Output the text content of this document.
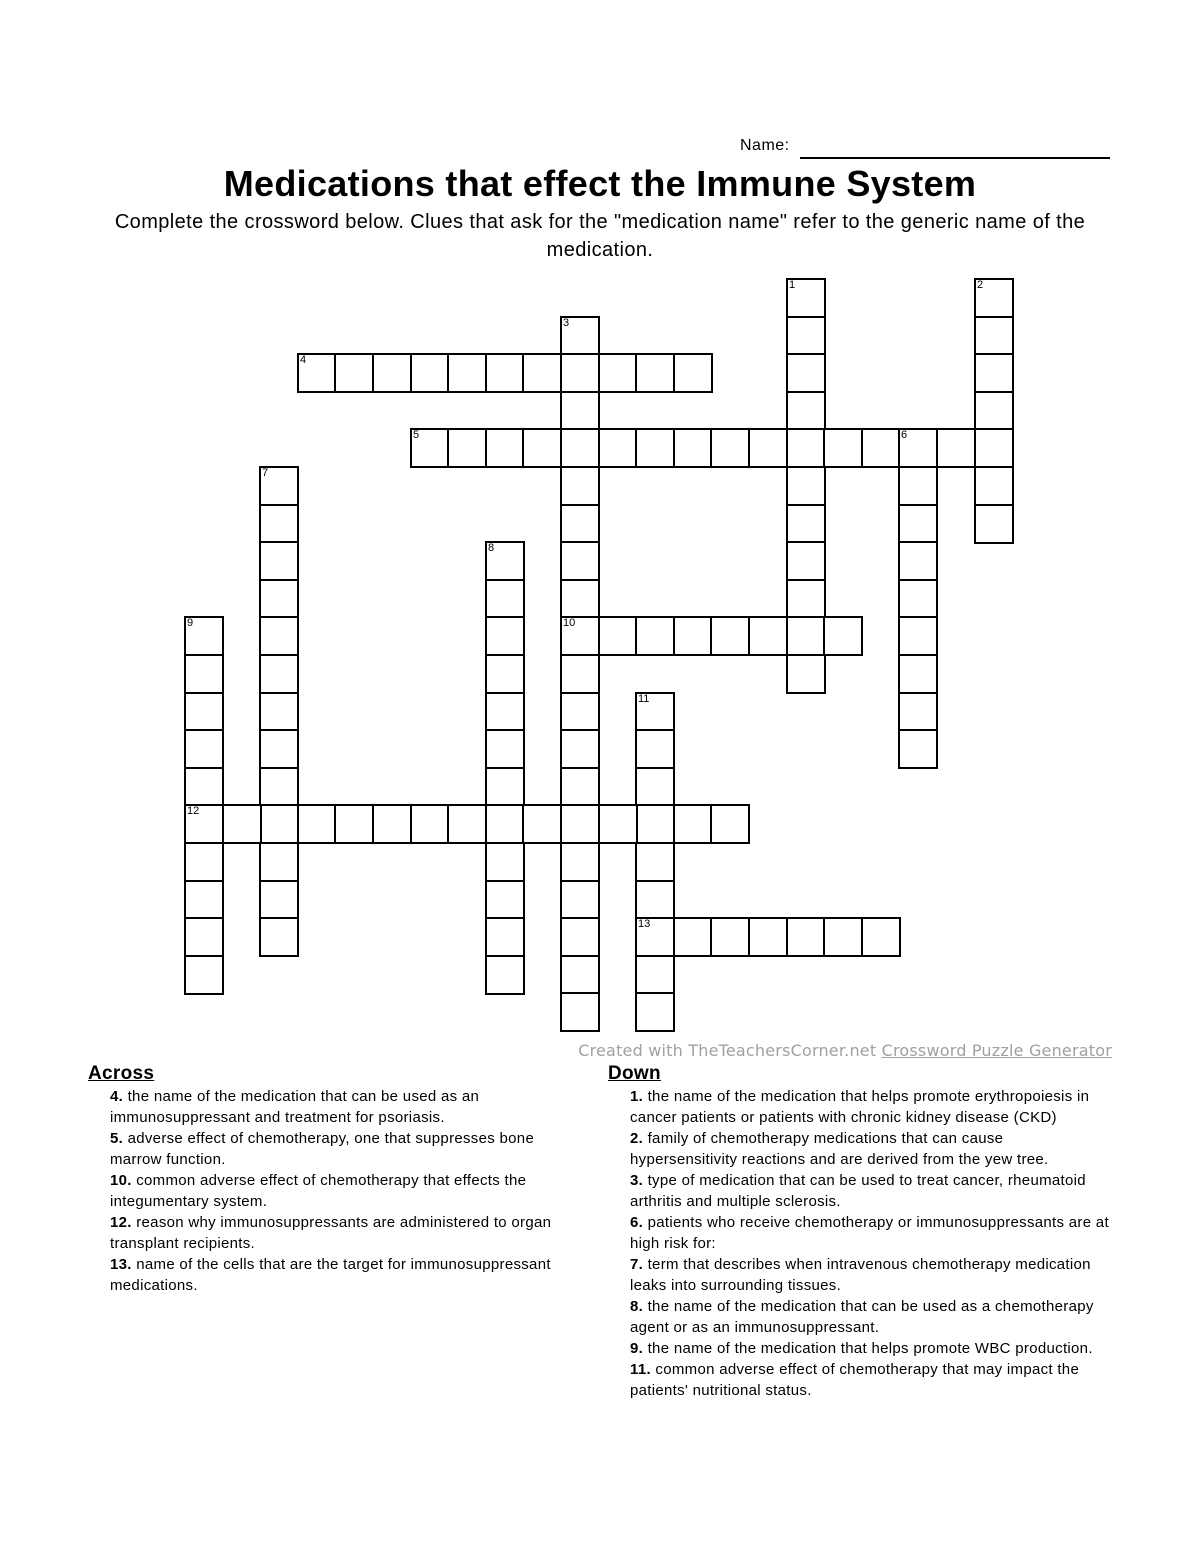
Name:
Medications that effect the Immune System

Complete the crossword below. Clues that ask for the "medication name" refer to the generic name of the medication.

1	2
3
10
4
5	6
7
8
9
12
11
13
Created with TheTeachersCorner.net Crossword Puzzle Generator
Across
4. the name of the medication that can be used as an immunosuppressant and treatment for psoriasis.
5. adverse effect of chemotherapy, one that suppresses bone marrow function.
10. common adverse effect of chemotherapy that effects the integumentary system.
12. reason why immunosuppressants are administered to organ transplant recipients.
13. name of the cells that are the target for immunosuppressant medications.
Down
1. the name of the medication that helps promote erythropoiesis in cancer patients or patients with chronic kidney disease (CKD)
2. family of chemotherapy medications that can cause hypersensitivity reactions and are derived from the yew tree.
3. type of medication that can be used to treat cancer, rheumatoid arthritis and multiple sclerosis.
6. patients who receive chemotherapy or immunosuppressants are at high risk for:
7. term that describes when intravenous chemotherapy medication leaks into surrounding tissues.
8. the name of the medication that can be used as a chemotherapy agent or as an immunosuppressant.
9. the name of the medication that helps promote WBC production.
11. common adverse effect of chemotherapy that may impact the patients' nutritional status.
